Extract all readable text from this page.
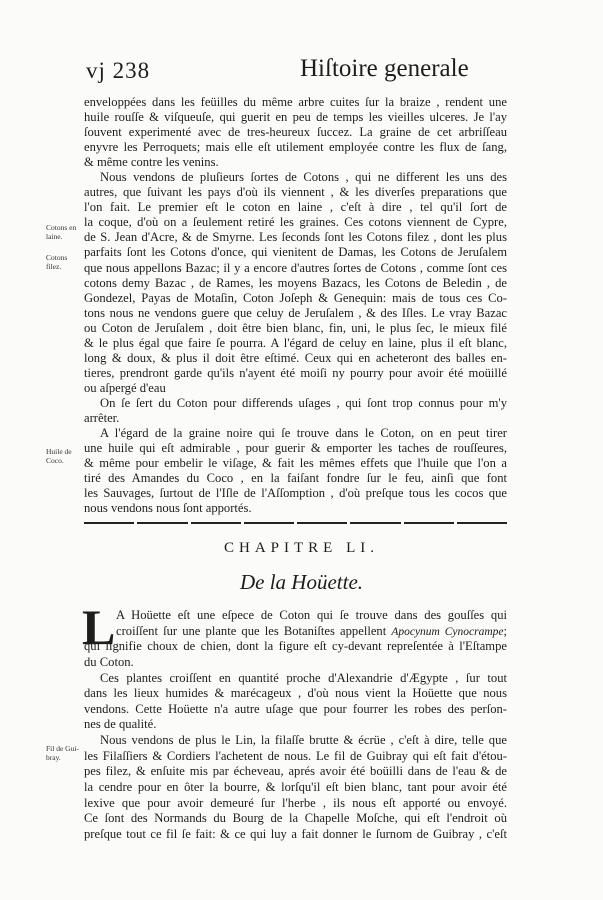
vj 238	Hiſtoire generale
Cotons en laine.
Cotons filez.
Huile de Coco.
Fil de Gui-bray.
enveloppées dans les feüilles du même arbre cuites ſur la braize , rendent une
huile rouſſe & viſqueuſe, qui guerit en peu de temps les vieilles ulceres. Je l'ay
ſouvent experimenté avec de tres-heureux ſuccez. La graine de cet arbriſſeau
enyvre les Perroquets; mais elle eſt utilement employée contre les flux de ſang,
& même contre les venins.
Nous vendons de pluſieurs ſortes de Cotons , qui ne different les uns des
autres, que ſuivant les pays d'où ils viennent , & les diverſes preparations que
l'on fait. Le premier eſt le coton en laine , c'eſt à dire , tel qu'il ſort de
la coque, d'où on a ſeulement retiré les graines. Ces cotons viennent de Cypre,
de S. Jean d'Acre, & de Smyrne. Les ſeconds ſont les Cotons filez , dont les plus
parfaits ſont les Cotons d'once, qui vienitent de Damas, les Cotons de Jeruſalem
que nous appellons Bazac; il y a encore d'autres ſortes de Cotons , comme ſont ces
cotons demy Bazac , de Rames, les moyens Bazacs, les Cotons de Beledin , de
Gondezel, Payas de Motaſin, Coton Joſeph & Genequin: mais de tous ces Co-
tons nous ne vendons guere que celuy de Jeruſalem , & des Iſles. Le vray Bazac
ou Coton de Jeruſalem , doit être bien blanc, fin, uni, le plus ſec, le mieux filé
& le plus égal que faire ſe pourra. A l'égard de celuy en laine, plus il eſt blanc,
long & doux, & plus il doit être eſtimé. Ceux qui en acheteront des balles en-
tieres, prendront garde qu'ils n'ayent été moiſi ny pourry pour avoir été moüillé
ou aſpergé d'eau
On ſe ſert du Coton pour differends uſages , qui ſont trop connus pour m'y
arrêter.
A l'égard de la graine noire qui ſe trouve dans le Coton, on en peut tirer
une huile qui eſt admirable , pour guerir & emporter les taches de rouſſeures,
& même pour embelir le viſage, & fait les mêmes effets que l'huile que l'on a
tiré des Amandes du Coco , en la faiſant fondre ſur le feu, ainſi que font
les Sauvages, ſurtout de l'Iſle de l'Aſſomption , d'où preſque tous les cocos que
nous vendons nous ſont apportés.
CHAPITRE LI.
De la Hoüette.
L A Hoüette eſt une eſpece de Coton qui ſe trouve dans des gouſſes qui
croiſſent ſur une plante que les Botaniſtes appellent Apocynum Cynocrampe;
qui ſignifie choux de chien, dont la figure eſt cy-devant repreſentée à l'Eſtampe
du Coton.
Ces plantes croiſſent en quantité proche d'Alexandrie d'Ægypte , ſur tout
dans les lieux humides & marécageux , d'où nous vient la Hoüette que nous
vendons. Cette Hoüette n'a autre uſage que pour fourrer les robes des perſon-
nes de qualité.
Nous vendons de plus le Lin, la filaſſe brutte & écrüe , c'eſt à dire, telle que
les Filaſſiers & Cordiers l'achetent de nous. Le fil de Guibray qui eſt fait d'étou-
pes filez, & enſuite mis par écheveau, aprés avoir été boüilli dans de l'eau & de
la cendre pour en ôter la bourre, & lorſqu'il eſt bien blanc, tant pour avoir été
lexive que pour avoir demeuré ſur l'herbe , ils nous eſt apporté ou envoyé.
Ce ſont des Normands du Bourg de la Chapelle Moſche, qui eſt l'endroit où
preſque tout ce fil ſe fait: & ce qui luy a fait donner le ſurnom de Guibray , c'eſt
